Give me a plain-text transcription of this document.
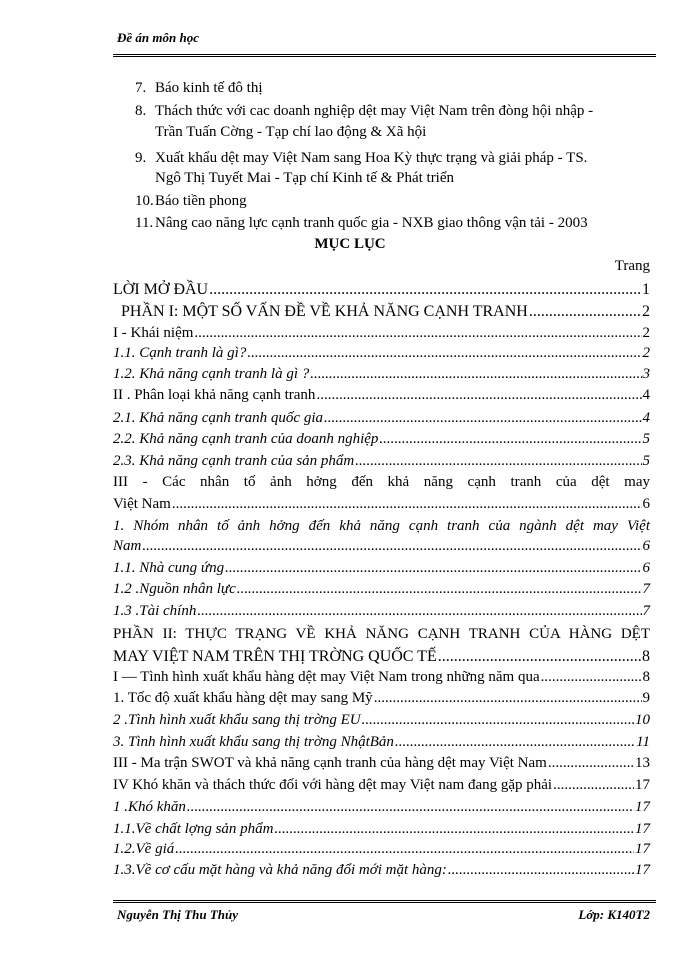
Đề án môn học
7. Báo kinh tế đô thị
8. Thách thức với cac doanh nghiệp dệt may Việt Nam trên đòng hội nhập -
Trần Tuấn Cờng - Tạp chí lao động & Xã hội
9. Xuất khẩu dệt may Việt Nam sang Hoa Kỳ thực trạng và giải pháp - TS.
Ngô Thị Tuyết Mai - Tạp chí Kinh tế & Phát triển
10. Báo tiền phong
11. Nâng cao năng lực cạnh tranh quốc gia - NXB giao thông vận tải - 2003
MỤC LỤC
Trang
LỜI MỞ ĐẦU .....	1
PHẦN I: MỘT SỐ VẤN ĐỀ VỀ KHẢ NĂNG CẠNH TRANH .....	2
I - Khái niệm .....	2
1.1. Cạnh tranh là gì? .....	2
1.2. Khả năng cạnh tranh là gì ? .....	3
II . Phân loại khả năng cạnh tranh .....	4
2.1. Khả năng cạnh tranh quốc gia .....	4
2.2. Khả năng cạnh tranh của doanh nghiệp .....	5
2.3. Khả năng cạnh tranh của sản phẩm .....	5
III - Các nhân tố ảnh hởng đến khả năng cạnh tranh của dệt may
Việt Nam .....	6
1. Nhóm nhân tố ảnh hởng đến khả năng cạnh tranh của ngành dệt may Việt
Nam .....	6
1.1. Nhà cung ứng .....	6
1.2 .Nguồn nhân lực .....	7
1.3 .Tài chính .....	7
PHẦN II: THỰC TRẠNG VỀ KHẢ NĂNG CẠNH TRANH CỦA HÀNG DỆT
MAY VIỆT NAM TRÊN THỊ TRỜNG QUỐC TẾ .....	8
I — Tình hình xuất khẩu hàng dệt may Việt Nam trong những năm qua .....	8
1. Tốc độ xuất khẩu hàng dệt may sang Mỹ .....	9
2 .Tình hình xuất khẩu sang thị trờng EU .....	10
3. Tình hình xuất khẩu sang thị trờng NhậtBản .....	11
III - Ma trận SWOT và khả năng cạnh tranh của hàng dệt may Việt Nam .....	13
IV Khó khăn và thách thức đối với hàng dệt may Việt nam đang gặp phải .....	17
1 .Khó khăn .....	17
1.1.Về chất lợng sản phẩm .....	17
1.2.Về giá .....	17
1.3.Về cơ cấu mặt hàng và khả năng đổi mới mặt hàng: .....	17
Nguyễn Thị Thu Thủy	Lớp: K140T2
